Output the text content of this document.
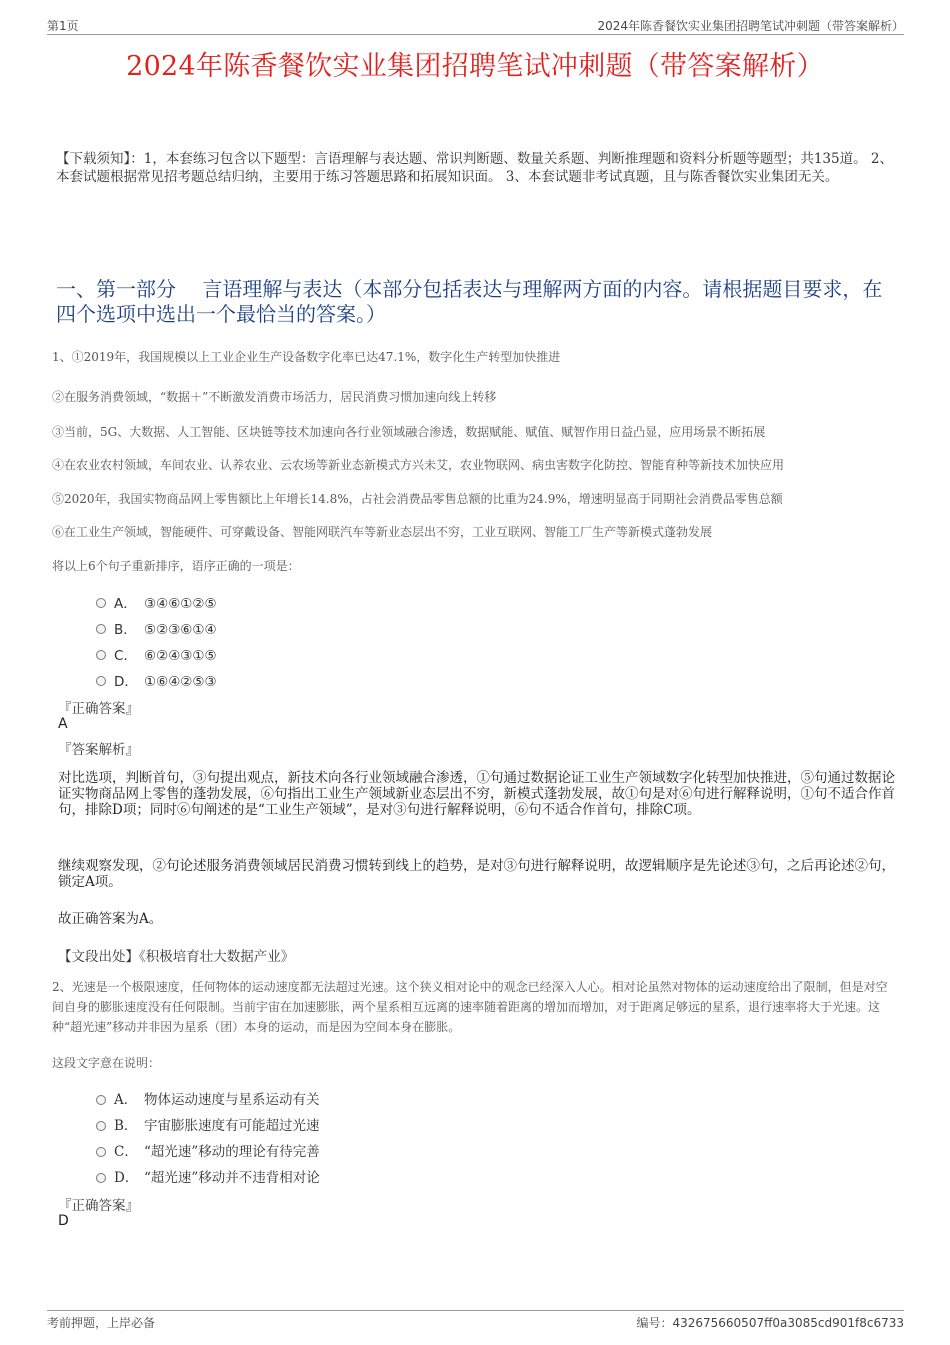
第1页	2024年陈香餐饮实业集团招聘笔试冲刺题（带答案解析）
2024年陈香餐饮实业集团招聘笔试冲刺题（带答案解析）
【下载须知】：1，本套练习包含以下题型：言语理解与表达题、常识判断题、数量关系题、判断推理题和资料分析题等题型；共135道。 2、本套试题根据常见招考题总结归纳，主要用于练习答题思路和拓展知识面。 3、本套试题非考试真题，且与陈香餐饮实业集团无关。
一、第一部分　 言语理解与表达（本部分包括表达与理解两方面的内容。请根据题目要求，在四个选项中选出一个最恰当的答案。）
1、①2019年，我国规模以上工业企业生产设备数字化率已达47.1%，数字化生产转型加快推进
②在服务消费领域，“数据＋”不断激发消费市场活力，居民消费习惯加速向线上转移
③当前，5G、大数据、人工智能、区块链等技术加速向各行业领域融合渗透，数据赋能、赋值、赋智作用日益凸显，应用场景不断拓展
④在农业农村领域，车间农业、认养农业、云农场等新业态新模式方兴未艾，农业物联网、病虫害数字化防控、智能育种等新技术加快应用
⑤2020年，我国实物商品网上零售额比上年增长14.8%，占社会消费品零售总额的比重为24.9%，增速明显高于同期社会消费品零售总额
⑥在工业生产领域，智能硬件、可穿戴设备、智能网联汽车等新业态层出不穷，工业互联网、智能工厂生产等新模式蓬勃发展
将以上6个句子重新排序，语序正确的一项是：
A． ③④⑥①②⑤
B． ⑤②③⑥①④
C． ⑥②④③①⑤
D． ①⑥④②⑤③
『正确答案』
A
『答案解析』
对比选项，判断首句，③句提出观点，新技术向各行业领域融合渗透，①句通过数据论证工业生产领域数字化转型加快推进，⑤句通过数据论证实物商品网上零售的蓬勃发展，⑥句指出工业生产领域新业态层出不穷，新模式蓬勃发展，故①句是对⑥句进行解释说明，①句不适合作首句，排除D项；同时⑥句阐述的是“工业生产领域”，是对③句进行解释说明，⑥句不适合作首句，排除C项。
继续观察发现，②句论述服务消费领域居民消费习惯转到线上的趋势，是对③句进行解释说明，故逻辑顺序是先论述③句，之后再论述②句，锁定A项。
故正确答案为A。
【文段出处】《积极培育壮大数据产业》
2、光速是一个极限速度，任何物体的运动速度都无法超过光速。这个狭义相对论中的观念已经深入人心。相对论虽然对物体的运动速度给出了限制，但是对空间自身的膨胀速度没有任何限制。当前宇宙在加速膨胀，两个星系相互远离的速率随着距离的增加而增加，对于距离足够远的星系，退行速率将大于光速。这种“超光速”移动并非因为星系（团）本身的运动，而是因为空间本身在膨胀。
这段文字意在说明：
A． 物体运动速度与星系运动有关
B． 宇宙膨胀速度有可能超过光速
C． “超光速”移动的理论有待完善
D． “超光速”移动并不违背相对论
『正确答案』
D
考前押题，上岸必备	编号：432675660507ff0a3085cd901f8c6733
